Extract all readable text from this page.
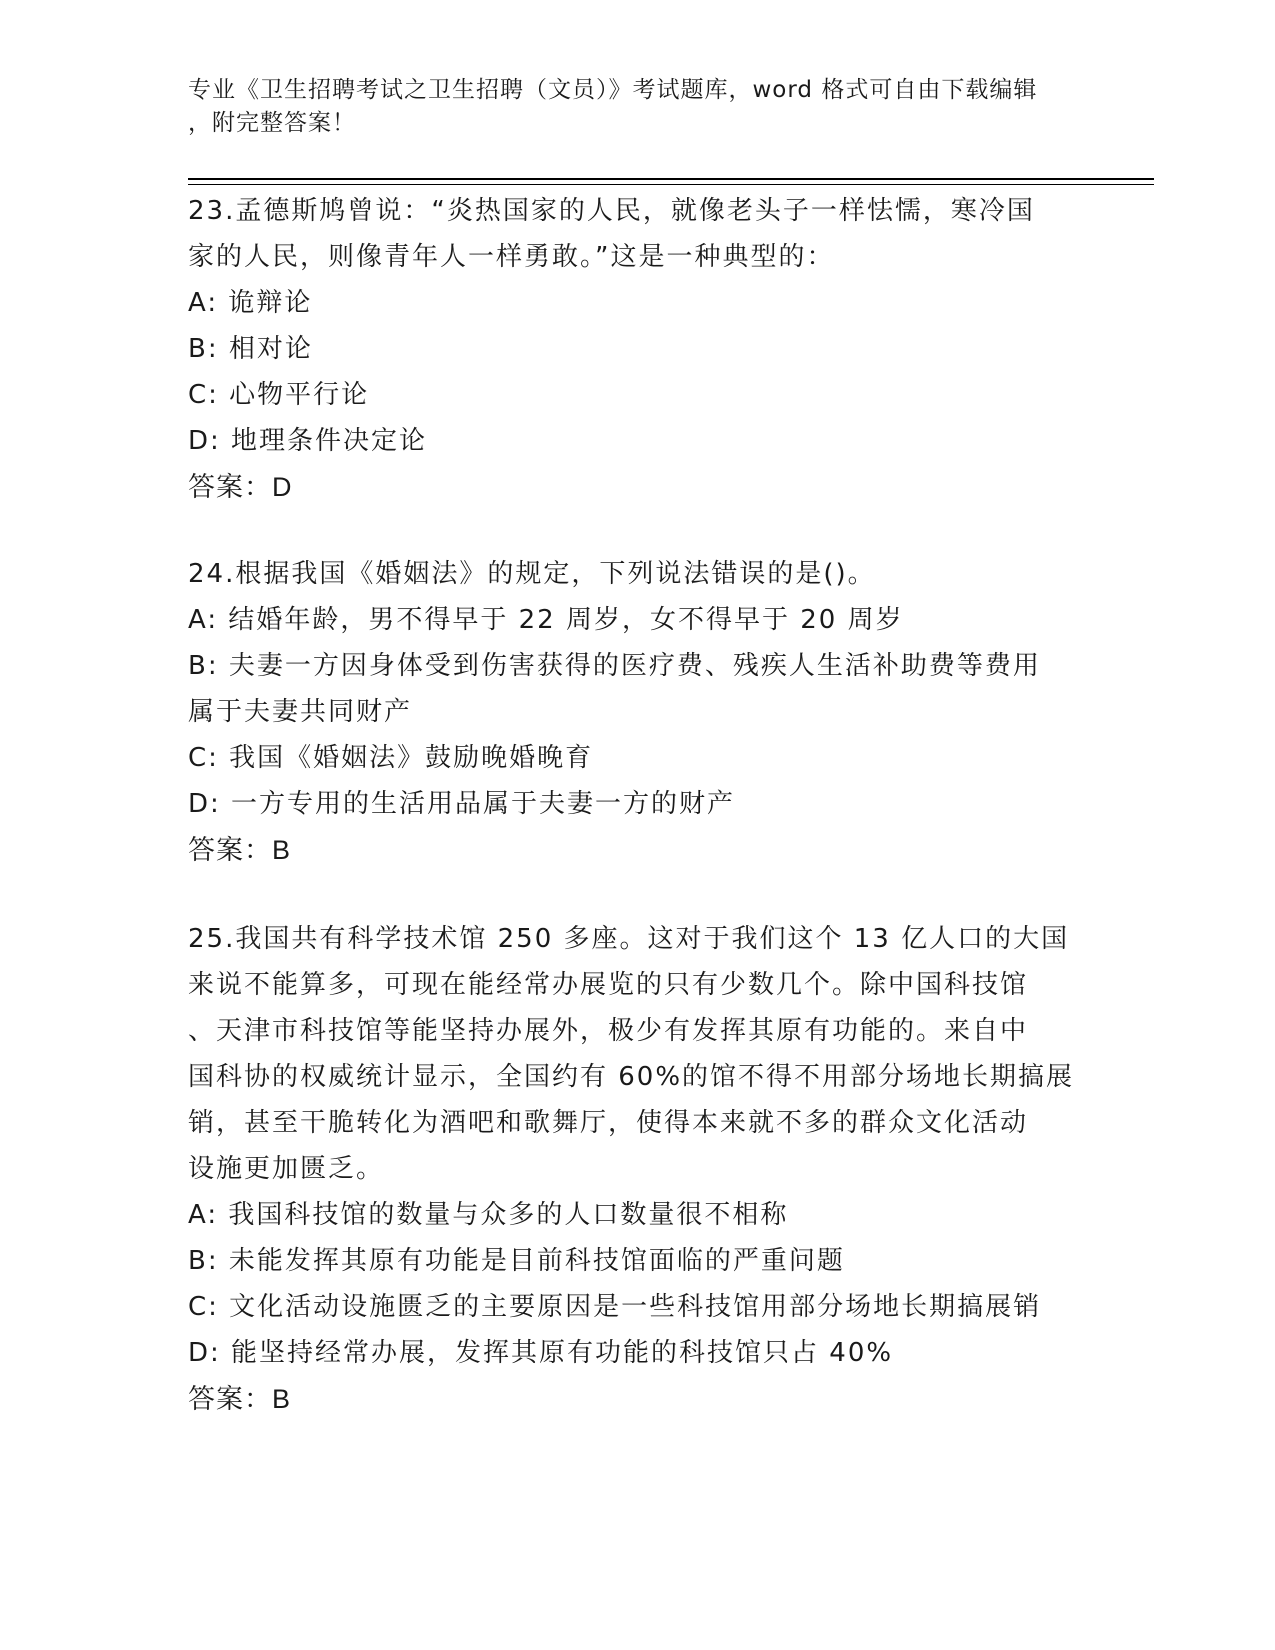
专业《卫生招聘考试之卫生招聘（文员）》考试题库，word 格式可自由下载编辑
，附完整答案！

23.孟德斯鸠曾说：“炎热国家的人民，就像老头子一样怯懦，寒冷国

家的人民，则像青年人一样勇敢。”这是一种典型的：

A: 诡辩论

B: 相对论

C: 心物平行论

D: 地理条件决定论

答案：D

24.根据我国《婚姻法》的规定，下列说法错误的是()。

A: 结婚年龄，男不得早于 22 周岁，女不得早于 20 周岁

B: 夫妻一方因身体受到伤害获得的医疗费、残疾人生活补助费等费用

属于夫妻共同财产

C: 我国《婚姻法》鼓励晚婚晚育

D: 一方专用的生活用品属于夫妻一方的财产

答案：B

25.我国共有科学技术馆 250 多座。这对于我们这个 13 亿人口的大国

来说不能算多，可现在能经常办展览的只有少数几个。除中国科技馆

、天津市科技馆等能坚持办展外，极少有发挥其原有功能的。来自中

国科协的权威统计显示，全国约有 60%的馆不得不用部分场地长期搞展

销，甚至干脆转化为酒吧和歌舞厅，使得本来就不多的群众文化活动

设施更加匮乏。

A: 我国科技馆的数量与众多的人口数量很不相称

B: 未能发挥其原有功能是目前科技馆面临的严重问题

C: 文化活动设施匮乏的主要原因是一些科技馆用部分场地长期搞展销

D: 能坚持经常办展，发挥其原有功能的科技馆只占 40%

答案：B
